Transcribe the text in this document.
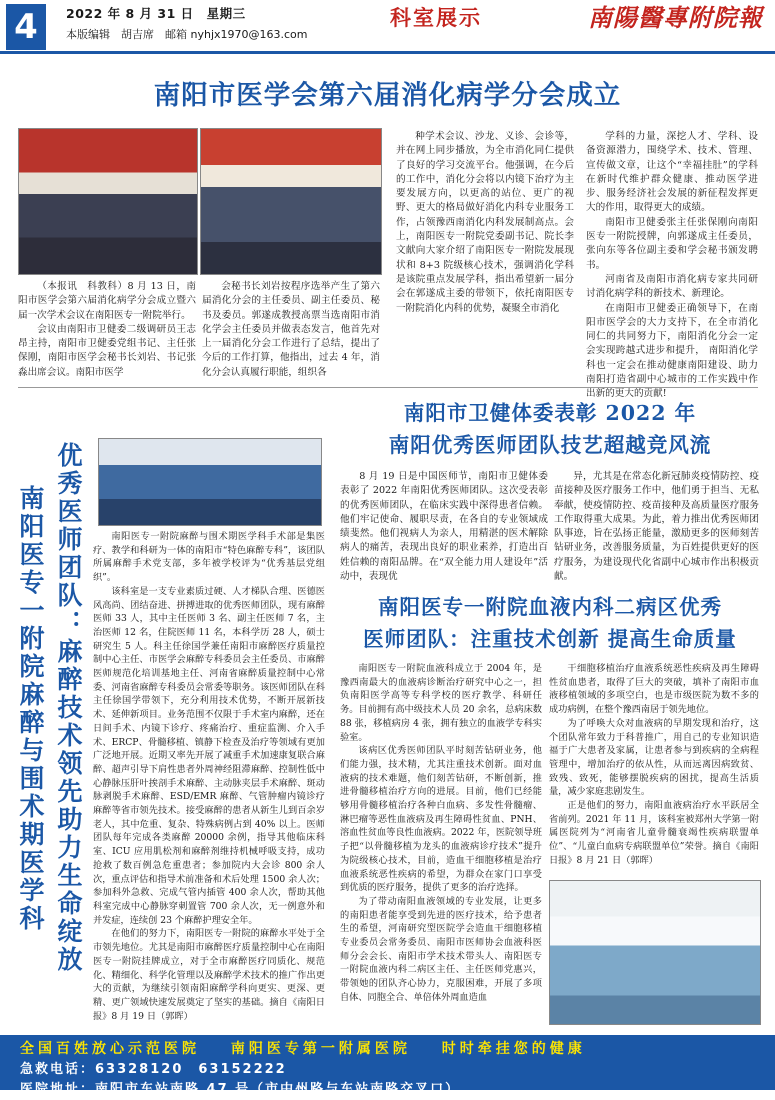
4	2022 年 8 月 31 日　星期三
本版编辑　胡吉席　邮箱 nyhjx1970@163.com
科室展示	南陽醫專附院報
南阳市医学会第六届消化病学分会成立

（本报讯　科教科）8 月 13 日，南阳市医学会第六届消化病学分会成立暨六届一次学术会议在南阳医专一附院举行。

会议由南阳市卫健委二级调研员王志昂主持，南阳市卫健委党组书记、主任张保刚，南阳市医学会秘书长刘岩、书记张淼出席会议。南阳市医学

会秘书长刘岩按程序选举产生了第六届消化分会的主任委员、副主任委员、秘书及委员。郭遂成教授高票当选南阳市消化学会主任委员并做表态发言，他首先对上一届消化分会工作进行了总结，提出了今后的工作打算，他指出，过去 4 年，消化分会认真履行职能，组织各

种学术会议、沙龙、义诊、会诊等，并在网上同步播放，为全市消化同仁提供了良好的学习交流平台。他强调，在今后的工作中，消化分会将以内镜下治疗为主要发展方向，以更高的站位、更广的视野、更大的格局做好消化内科专业服务工作，占领豫西南消化内科发展制高点。会上，南阳医专一附院党委副书记、院长李文献向大家介绍了南阳医专一附院发展现状和 8+3 院级核心技术，强调消化学科是该院重点发展学科，指出希望新一届分会在郭遂成主委的带领下，依托南阳医专一附院消化内科的优势，凝聚全市消化

学科的力量，深挖人才、学科、设备资源潜力，围绕学术、技术、管理、宣传做文章，让这个“幸福挂肚”的学科在新时代维护群众健康、推动医学进步、服务经济社会发展的新征程发挥更大的作用，取得更大的成绩。

南阳市卫健委张主任张保刚向南阳医专一附院授牌，向郭遂成主任委员，张向东等各位副主委和学会秘书颁发聘书。

河南省及南阳市消化病专家共同研讨消化病学科的新技术、新理论。

在南阳市卫健委正确领导下，在南阳市医学会的大力支持下，在全市消化同仁的共同努力下，南阳消化分会一定会实现跨越式进步和提升， 南阳消化学科也一定会在推动健康南阳建设、助力南阳打造省副中心城市的工作实践中作出新的更大的贡献!

优秀医师团队：麻醉技术领先助力生命绽放
南阳医专一附院麻醉与围术期医学科	南阳医专一附院麻醉与围术期医学科手术部是集医疗、教学和科研为一体的南阳市“特色麻醉专科”，该团队所属麻醉手术党支部，多年被学校评为“优秀基层党组织”。

该科室是一支专业素质过硬、人才梯队合理、医德医风高尚、团结奋进、拼搏进取的优秀医师团队，现有麻醉医师 33 人，其中主任医师 3 名、副主任医师 7 名，主治医师 12 名，住院医师 11 名，本科学历 28 人，硕士研究生 5 人。科主任徐国学兼任南阳市麻醉医疗质量控制中心主任、市医学会麻醉专科委员会主任委员、市麻醉医师规范化培训基地主任、河南省麻醉质量控制中心常委、河南省麻醉专科委员会常委等职务。该医师团队在科主任徐国学带领下，充分利用技术优势，不断开展新技术、延伸新项目。业务范围不仅限于手术室内麻醉，还在日间手术、内镜下诊疗、疼痛治疗、重症监测、介入手术、ERCP、骨髓移植、镇静下检查及治疗等领域有更加广泛地开展。近期又率先开展了减重手术加速康复联合麻醉、超声引导下肩性患者外周神经阻滞麻醉、控制性低中心静脉压肝叶挨剖手术麻醉、主动脉夹层手术麻醉、斑动脉剥脱手术麻醉、ESD/EMR 麻醉、气管肿瘤内镜诊疗麻醉等省市领先技术。接受麻醉的患者从新生儿到百余岁老人，其中危重、复杂、特殊病例占到 40% 以上。医师团队每年完成各类麻醉 20000 余例，指导其他临床科室、ICU 应用肌松剂和麻醉剂维持机械呼吸支持，成功抢救了数百例急危重患者；参加院内大会诊 800 余人次，重点评估和指导术前准备和术后处理 1500 余人次；参加科外急救、完成气管内插管 400 余人次，帮助其他科室完成中心静脉穿刺置管 700 余人次，无一例意外和并发症，连续创 23 个麻醉护理安全年。

在他们的努力下，南阳医专一附院的麻醉水平处于全市领先地位。尤其是南阳市麻醉医疗质量控制中心在南阳医专一附院挂牌成立，对于全市麻醉医疗同质化、规范化、精细化、科学化管理以及麻醉学术技术的推广作出更大的贡献，为继续引领南阳麻醉学科向更实、更深、更精、更广领域快速发展奠定了坚实的基础。摘自《南阳日报》8 月 19 日（郭晖）

南阳市卫健体委表彰 2022 年
南阳优秀医师团队技艺超越竞风流

8 月 19 日是中国医师节，南阳市卫健体委表彰了 2022 年南阳优秀医师团队。这次受表彰的优秀医师团队，在临床实践中深得患者信赖。他们牢记使命、履职尽责，在各自的专业领域成绩斐然。他们视病人为亲人，用精湛的医术解除病人的痛苦，表现出良好的职业素养，打造出百姓信赖的南阳品牌。在“双全能力用人建设年”活动中，表现优

异，尤其是在常态化新冠肺炎疫情防控、疫苗接种及医疗服务工作中，他们勇于担当、无私奉献，使疫情防控、疫苗接种及高质量医疗服务工作取得重大成果。为此，着力推出优秀医师团队事迹，旨在弘扬正能量，激励更多的医师刻苦钻研业务，改善服务质量，为百姓提供更好的医疗服务，为建设现代化省副中心城市作出积极贡献。

南阳医专一附院血液内科二病区优秀
医师团队：注重技术创新 提高生命质量

南阳医专一附院血液科成立于 2004 年，是豫西南最大的血液病诊断治疗研究中心之一，担负南阳医学高等专科学校的医疗教学、科研任务。目前拥有高中级技术人员 20 余名，总病床数 88 张，移植病房 4 张，拥有独立的血液学专科实验室。

该病区优秀医师团队平时刻苦钻研业务，他们能力强，技术精，尤其注重技术创新。面对血液病的技术难题，他们刻苦钻研，不断创新，推进骨髓移植治疗方向的进展。目前，他们已经能够用骨髓移植治疗各种白血病、多发性骨髓瘤、淋巴瘤等恶性血液病及再生障碍性贫血、PNH、溶血性贫血等良性血液病。2022 年，医院领导班子把“以骨髓移植为龙头的血液病诊疗技术”提升为院级核心技术，目前，造血干细胞移植是治疗血液系统恶性疾病的希望，为群众在家门口享受到优质的医疗服务，提供了更多的治疗选择。

为了带动南阳血液领域的专业发展，让更多的南阳患者能享受到先进的医疗技术，给予患者生的希望，河南研究型医院学会造血干细胞移植专业委员会常务委员、南阳市医师协会血液科医师分会会长、南阳市学术技术带头人、南阳医专一附院血液内科二病区主任、主任医师党惠兴，带领她的团队齐心协力，克服困难，开展了多项自体、同胞全合、单倍体外周血造血

干细胞移植治疗血液系统恶性疾病及再生障碍性贫血患者，取得了巨大的突破，填补了南阳市血液移植领域的多项空白，也是市级医院为数不多的成功病例，在整个豫西南居于领先地位。

为了呼唤大众对血液病的早期发现和治疗，这个团队常年致力于科普推广，用自己的专业知识造福于广大患者及家属，让患者参与到疾病的全病程管理中，增加治疗的依从性，从而远离因病致贫、致残、致死，能够摆脱疾病的困扰，提高生活质量，减少家庭悲剧发生。

正是他们的努力，南阳血液病治疗水平跃居全省前列。2021 年 11 月，该科室被郑州大学第一附属医院列为“河南省儿童骨髓衰竭性疾病联盟单位”、“儿童白血病专病联盟单位”荣誉。摘自《南阳日报》8 月 21 日（郭晖）

全国百姓放心示范医院 南阳医专第一附属医院 时时牵挂您的健康
急救电话：63328120　63152222 医院地址：南阳市车站南路 47 号（市中州路与车站南路交叉口）
